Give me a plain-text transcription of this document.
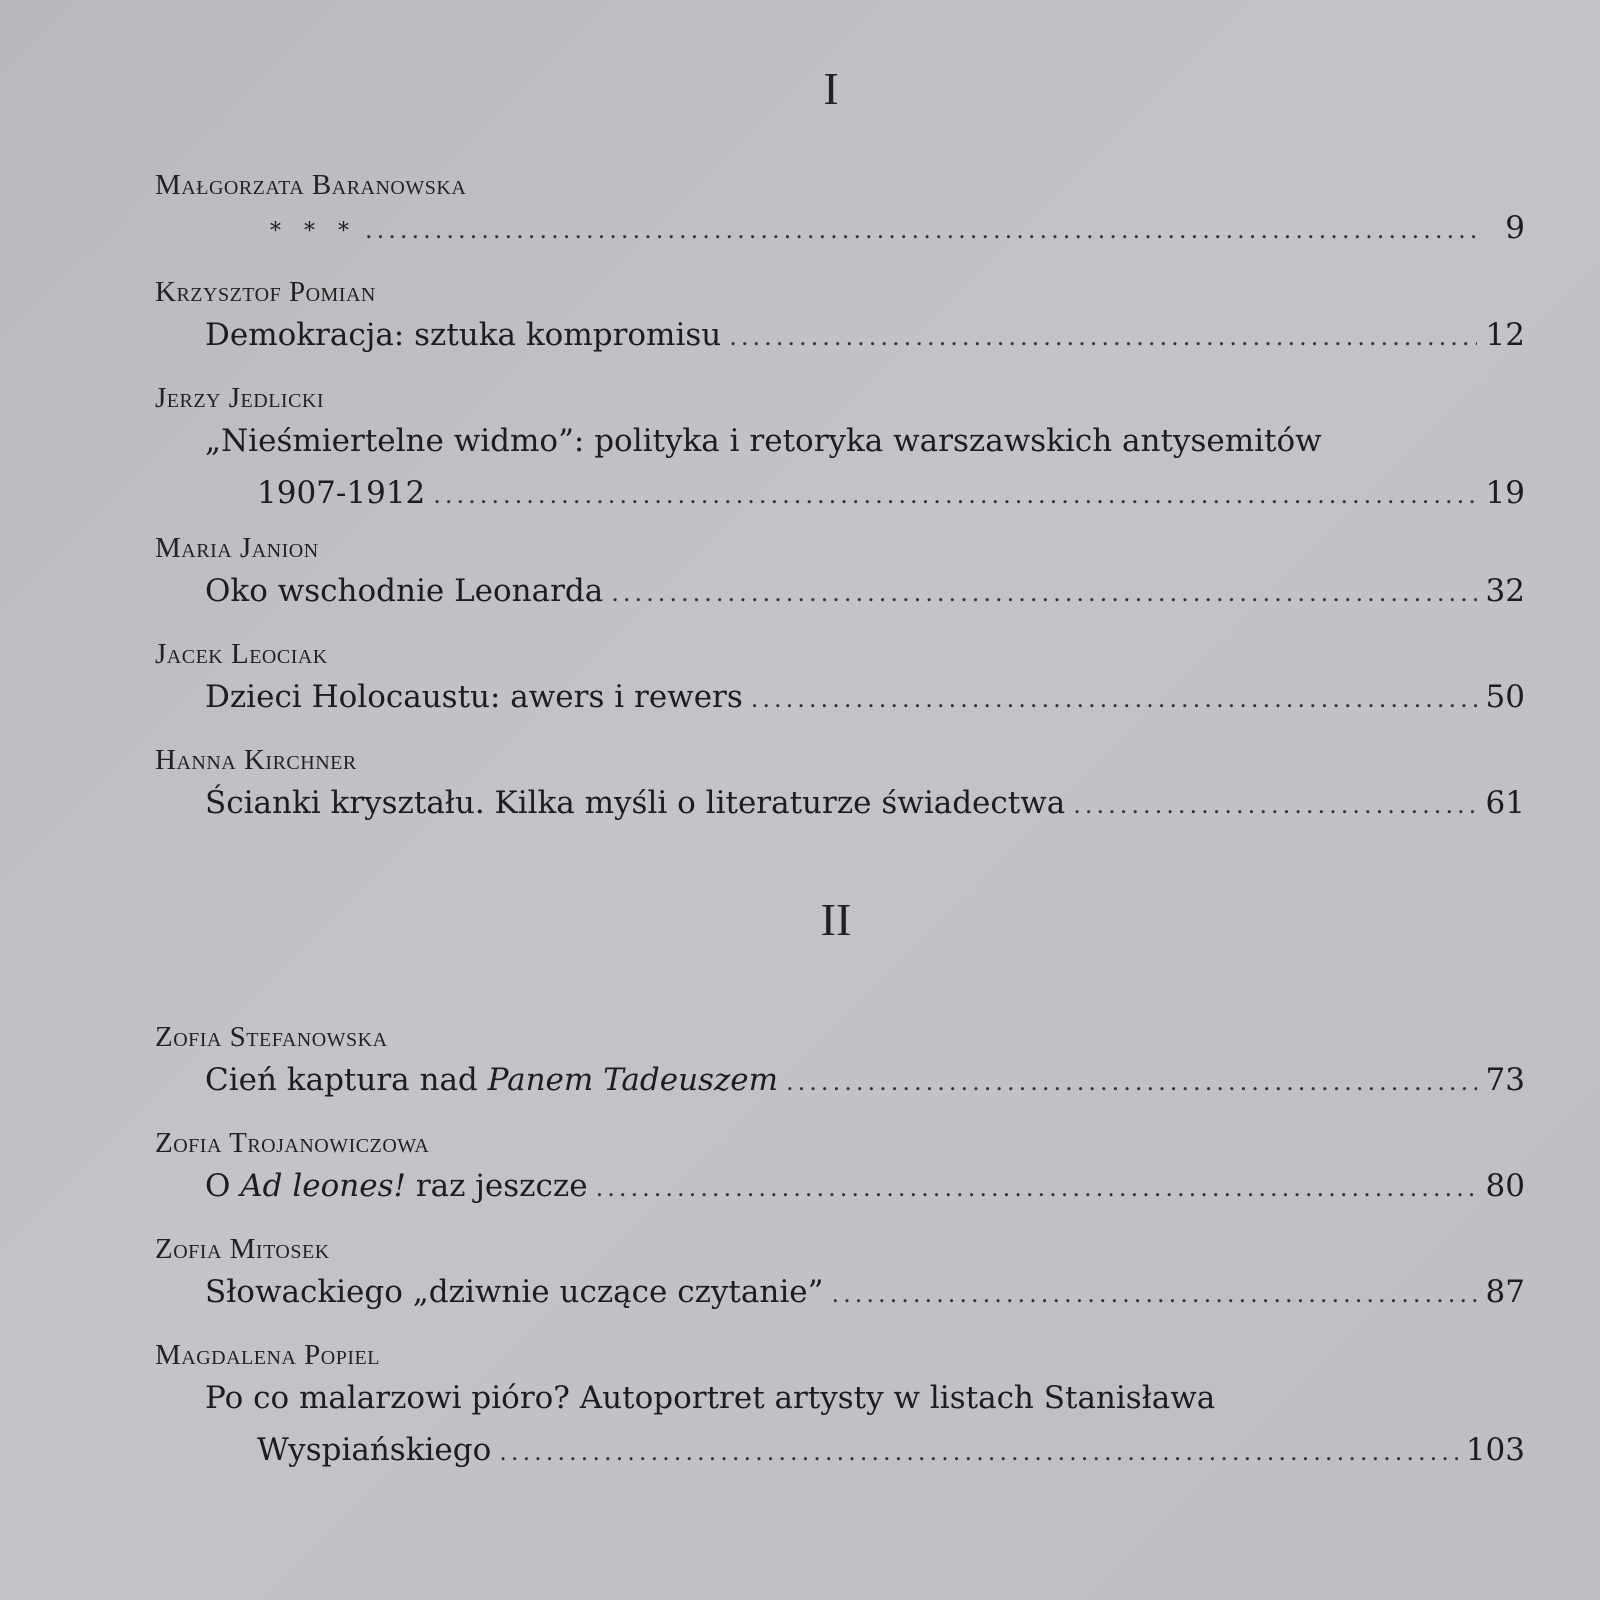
I
Małgorzata Baranowska
* * * .....	9
Krzysztof Pomian
Demokracja: sztuka kompromisu .....	12
Jerzy Jedlicki
„Nieśmiertelne widmo”: polityka i retoryka warszawskich antysemitów
1907-1912 .....	19
Maria Janion
Oko wschodnie Leonarda .....	32
Jacek Leociak
Dzieci Holocaustu: awers i rewers .....	50
Hanna Kirchner
Ścianki kryształu. Kilka myśli o literaturze świadectwa .....	61
II
Zofia Stefanowska
Cień kaptura nad Panem Tadeuszem .....	73
Zofia Trojanowiczowa
O Ad leones! raz jeszcze .....	80
Zofia Mitosek
Słowackiego „dziwnie uczące czytanie” .....	87
Magdalena Popiel
Po co malarzowi pióro? Autoportret artysty w listach Stanisława
Wyspiańskiego .....	103
